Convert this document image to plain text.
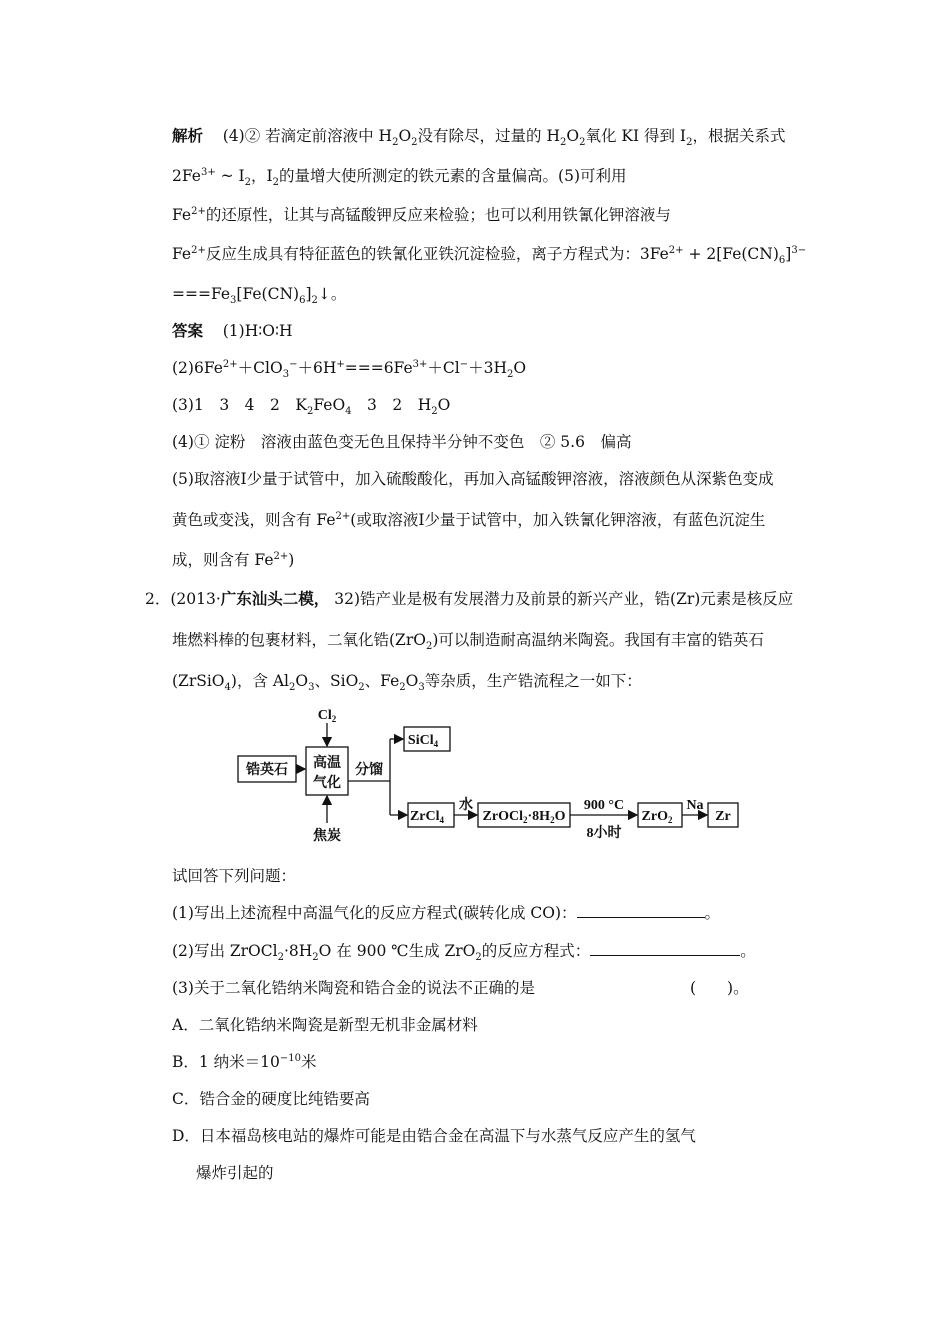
解析 (4)② 若滴定前溶液中 $H_2O_2$没有除尽，过量的 $H_2O_2$氧化 KI 得到 $I_2$，根据关系式
$2Fe^{3+}$ ~ $I_2$，$I_2$的量增大使所测定的铁元素的含量偏高。(5)可利用
$Fe^{2+}$的还原性，让其与高锰酸钾反应来检验；也可以利用铁氰化钾溶液与
$Fe^{2+}$反应生成具有特征蓝色的铁氰化亚铁沉淀检验，离子方程式为：$3Fe^{2+} + 2[Fe(CN)_6]^{3-}$
$===Fe_3[Fe(CN)_6]_2↓$。
答案 (1)H∶O∶H
$(2)6Fe^{2+}+ClO_3^-+6H^+===6Fe^{3+}+Cl^-+3H_2O$
(3)1　3　4　2　$K_2FeO_4$　3　2　$H_2O$
(4)① 淀粉　溶液由蓝色变无色且保持半分钟不变色　② 5.6　偏高
(5)取溶液Ⅰ少量于试管中，加入硫酸酸化，再加入高锰酸钾溶液，溶液颜色从深紫色变成
黄色或变浅，则含有 $Fe^{2+}$(或取溶液Ⅰ少量于试管中，加入铁氰化钾溶液，有蓝色沉淀生
成，则含有 $Fe^{2+}$)
2．(2013·广东汕头二模， 32)锆产业是极有发展潜力及前景的新兴产业，锆(Zr)元素是核反应
堆燃料棒的包裹材料，二氧化锆(ZrO$_2$)可以制造耐高温纳米陶瓷。我国有丰富的锆英石
(ZrSiO$_4$)，含 $Al_2O_3$、SiO$_2$、$Fe_2O_3$等杂质，生产锆流程之一如下：
$Cl_2$
锆英石 高温
气化
分馏
焦炭
SiCl$_4$
ZrCl$_4$
水
$ZrOCl_2\cdot 8H_2O$
900 °C
8小时
ZrO$_2$
Na
Zr
试回答下列问题：
(1)写出上述流程中高温气化的反应方程式(碳转化成 CO)：	。
(2)写出 $ZrOCl_2\cdot 8H_2O$ 在 900 ℃生成 ZrO$_2$的反应方程式：	。
(3)关于二氧化锆纳米陶瓷和锆合金的说法不正确的是	(　　)。
A．二氧化锆纳米陶瓷是新型无机非金属材料
B．1 纳米$=10^{-10}$米
C．锆合金的硬度比纯锆要高
D．日本福岛核电站的爆炸可能是由锆合金在高温下与水蒸气反应产生的氢气
爆炸引起的
